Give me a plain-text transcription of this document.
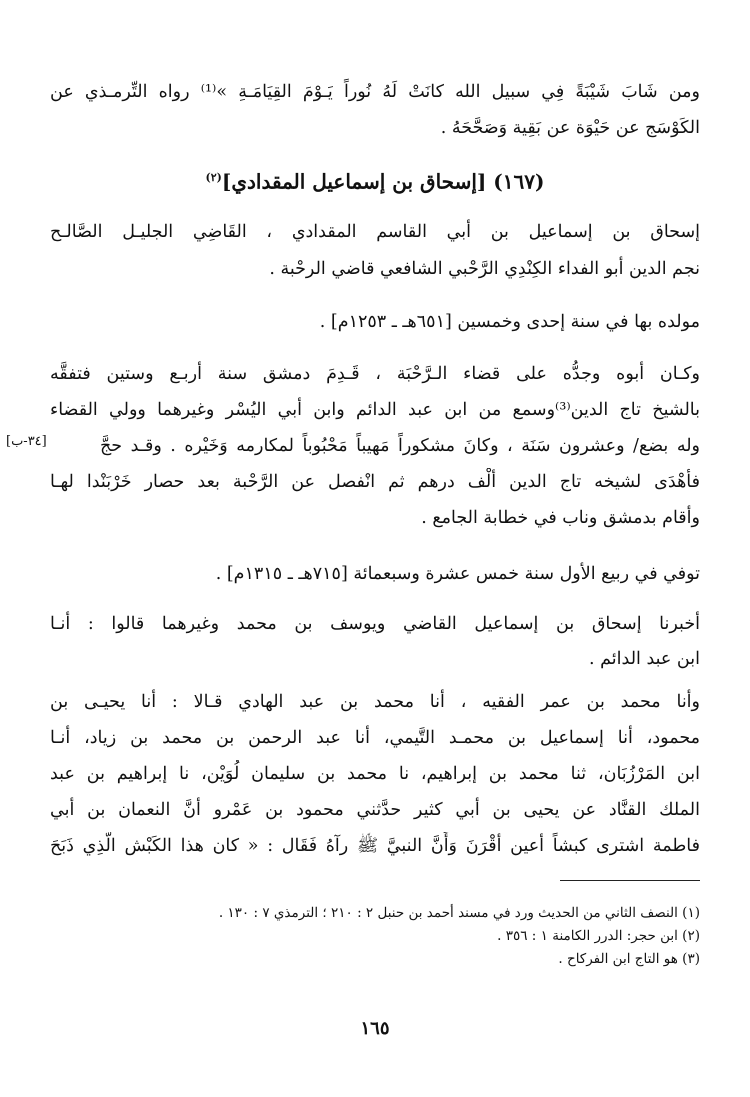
ومن شَابَ شَيْبَةً فِي سبيل الله كانَتْ لَهُ نُوراً يَـوْمَ القِيَامَـةِ »⁽¹⁾ رواه التِّرمـذي عن
الكَوْسَج عن حَيْوَة عن بَقِية وَصَحَّحَهُ .
(١٦٧) [إسحاق بن إسماعيل المقدادي]$^{(٢)}$
إسحاق بن إسماعيل بن أبي القاسم المقدادي ، القَاضِي الجليـل الصَّالـح
نجم الدين أبو الفداء الكِنْدِي الرَّحْبي الشافعي قاضي الرحْبة .
مولده بها في سنة إحدى وخمسين [٦٥١هـ ـ ١٢٥٣م] .
وكـان أبوه وجدُّه على قضاء الـرَّحْبَة ، قَـدِمَ دمشق سنة أربـع وستين فتفقَّه
بالشيخ تاج الدين⁽³⁾وسمع من ابن عبد الدائم وابن أبي اليُسْر وغيرهما وولي القضاء
وله بضع/ وعشرون سَنَة ، وكانَ مشكوراً مَهيباً مَحْبُوباً لمكارمه وَخَيْره . وقـد حجَّ
فأهْدَى لشيخه تاج الدين ألْف درهم ثم انْفصل عن الرَّحْبة بعد حصار خَرْبَنْدا لهـا
وأقام بدمشق وناب في خطابة الجامع .
[٣٤-ب]
توفي في ربيع الأول سنة خمس عشرة وسبعمائة [٧١٥هـ ـ ١٣١٥م] .
أخبرنا إسحاق بن إسماعيل القاضي ويوسف بن محمد وغيرهما قالوا : أنـا
ابن عبد الدائم .
وأنا محمد بن عمر الفقيه ، أنا محمد بن عبد الهادي قـالا : أنا يحيـى بن
محمود، أنا إسماعيل بن محمـد التَّيمي، أنا عبد الرحمن بن محمد بن زياد، أنـا
ابن المَرْزُبَان، ثنا محمد بن إبراهيم، نا محمد بن سليمان لُوَيْن، نا إبراهيم بن عبد
الملك القنَّاد عن يحيى بن أبي كثير حدَّثني محمود بن عَمْرو أنَّ النعمان بن أبي
فاطمة اشترى كبشاً أعين أقْرَنَ وَأَنَّ النبيَّ ﷺ رآهُ فَقَال : « كان هذا الكَبْش الَّذِي ذَبَحَ
(١) النصف الثاني من الحديث ورد في مسند أحمد بن حنبل ٢ : ٢١٠ ؛ الترمذي ٧ : ١٣٠ .
(٢) ابن حجر: الدرر الكامنة ١ : ٣٥٦ .
(٣) هو التاج ابن الفركاح .
١٦٥
